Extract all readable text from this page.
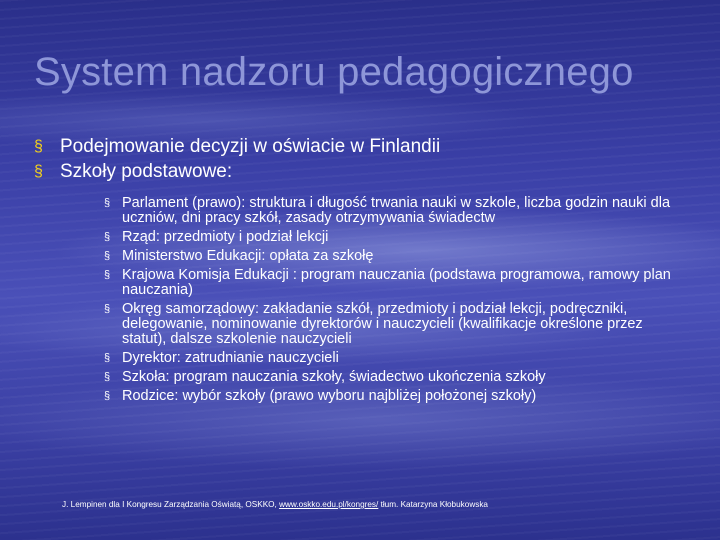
System nadzoru pedagogicznego
§ Podejmowanie decyzji w oświacie w Finlandii
§ Szkoły podstawowe:
§ Parlament (prawo): struktura i długość trwania nauki w szkole, liczba godzin nauki dla uczniów, dni pracy szkół, zasady otrzymywania świadectw
§ Rząd: przedmioty i podział lekcji
§ Ministerstwo Edukacji: opłata za szkołę
§ Krajowa Komisja Edukacji : program nauczania (podstawa programowa, ramowy plan nauczania)
§ Okręg samorządowy: zakładanie szkół, przedmioty i podział lekcji, podręczniki, delegowanie, nominowanie dyrektorów i nauczycieli (kwalifikacje określone przez statut), dalsze szkolenie nauczycieli
§ Dyrektor: zatrudnianie nauczycieli
§ Szkoła: program nauczania szkoły, świadectwo ukończenia szkoły
§ Rodzice: wybór szkoły (prawo wyboru najbliżej położonej szkoły)
J. Lempinen dla I Kongresu Zarządzania Oświatą, OSKKO, www.oskko.edu.pl/kongres/ tłum. Katarzyna Kłobukowska
